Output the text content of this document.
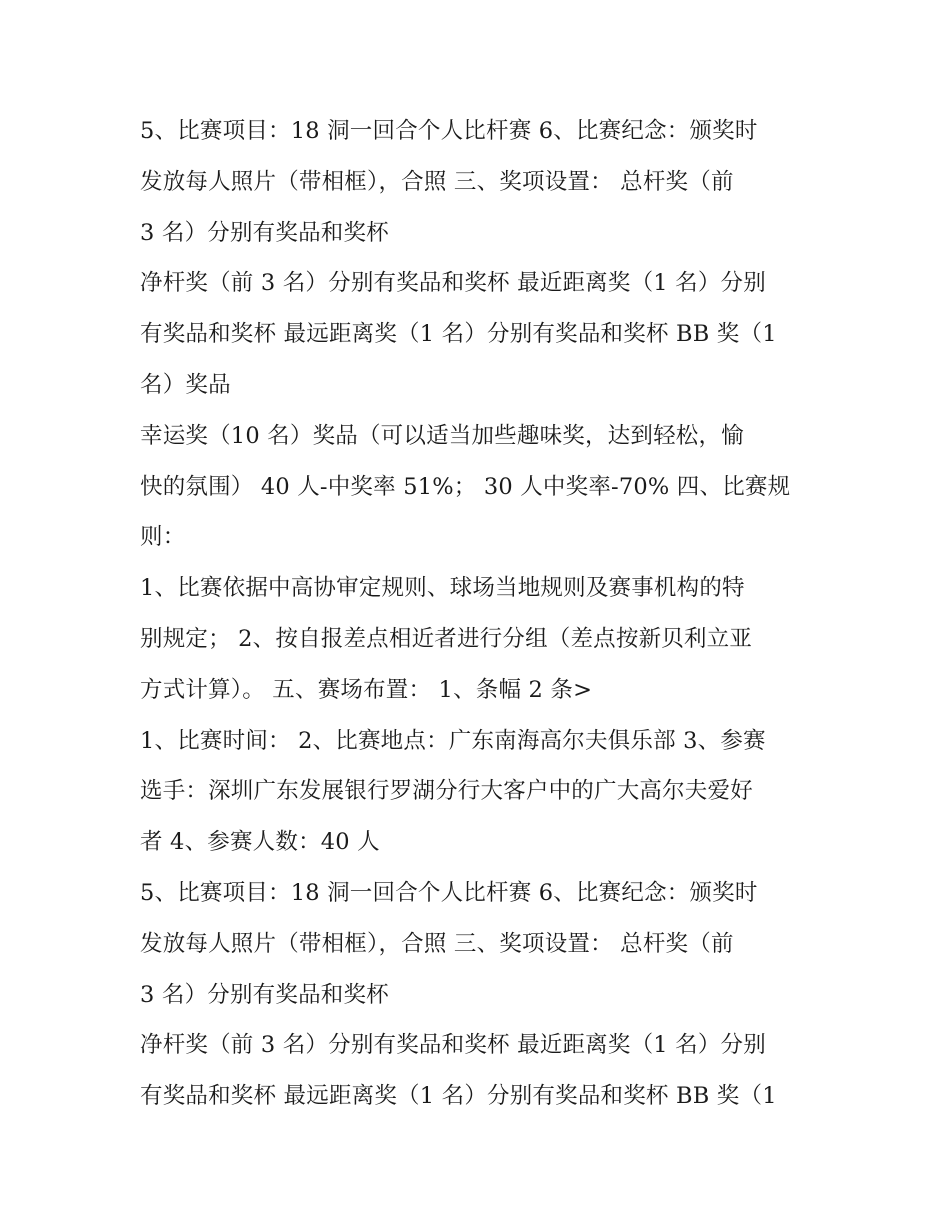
5、比赛项目：18 洞一回合个人比杆赛 6、比赛纪念：颁奖时
发放每人照片（带相框），合照 三、奖项设置： 总杆奖（前
3 名）分别有奖品和奖杯
净杆奖（前 3 名）分别有奖品和奖杯 最近距离奖（1 名）分别
有奖品和奖杯 最远距离奖（1 名）分别有奖品和奖杯 BB 奖（1
名）奖品
幸运奖（10 名）奖品（可以适当加些趣味奖，达到轻松，愉
快的氛围） 40 人-中奖率 51%； 30 人中奖率-70% 四、比赛规
则：
1、比赛依据中高协审定规则、球场当地规则及赛事机构的特
别规定； 2、按自报差点相近者进行分组（差点按新贝利立亚
方式计算）。 五、赛场布置： 1、条幅 2 条>
1、比赛时间： 2、比赛地点：广东南海高尔夫俱乐部 3、参赛
选手：深圳广东发展银行罗湖分行大客户中的广大高尔夫爱好
者 4、参赛人数：40 人
5、比赛项目：18 洞一回合个人比杆赛 6、比赛纪念：颁奖时
发放每人照片（带相框），合照 三、奖项设置： 总杆奖（前
3 名）分别有奖品和奖杯
净杆奖（前 3 名）分别有奖品和奖杯 最近距离奖（1 名）分别
有奖品和奖杯 最远距离奖（1 名）分别有奖品和奖杯 BB 奖（1
